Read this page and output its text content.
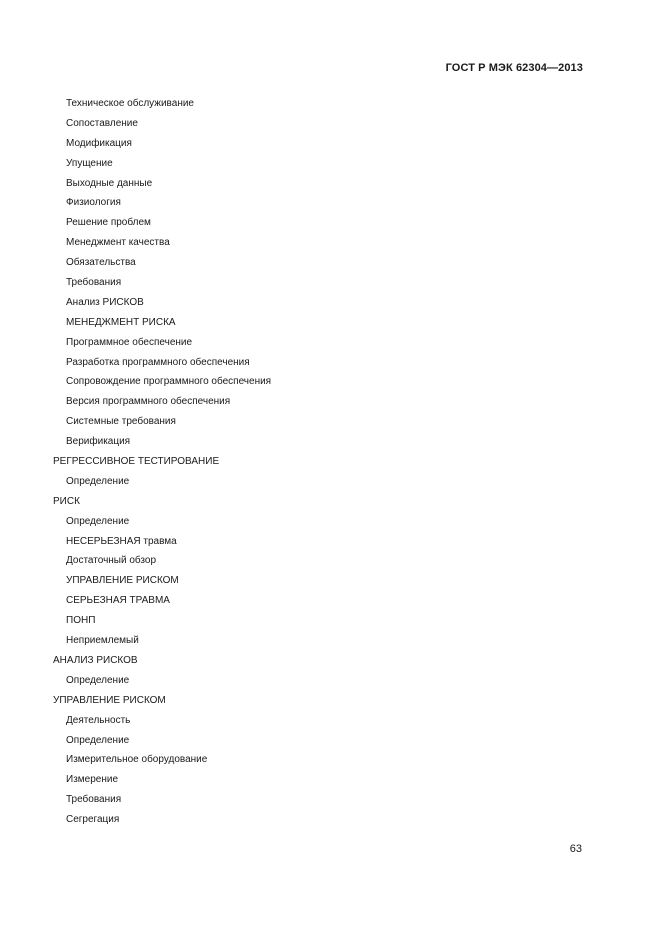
ГОСТ Р МЭК 62304—2013
Техническое обслуживание
Сопоставление
Модификация
Упущение
Выходные данные
Физиология
Решение проблем
Менеджмент качества
Обязательства
Требования
Анализ РИСКОВ
МЕНЕДЖМЕНТ РИСКА
Программное обеспечение
Разработка программного обеспечения
Сопровождение программного обеспечения
Версия программного обеспечения
Системные требования
Верификация
РЕГРЕССИВНОЕ ТЕСТИРОВАНИЕ
Определение
РИСК
Определение
НЕСЕРЬЕЗНАЯ травма
Достаточный обзор
УПРАВЛЕНИЕ РИСКОМ
СЕРЬЕЗНАЯ ТРАВМА
ПОНП
Неприемлемый
АНАЛИЗ РИСКОВ
Определение
УПРАВЛЕНИЕ РИСКОМ
Деятельность
Определение
Измерительное оборудование
Измерение
Требования
Сегрегация
63
